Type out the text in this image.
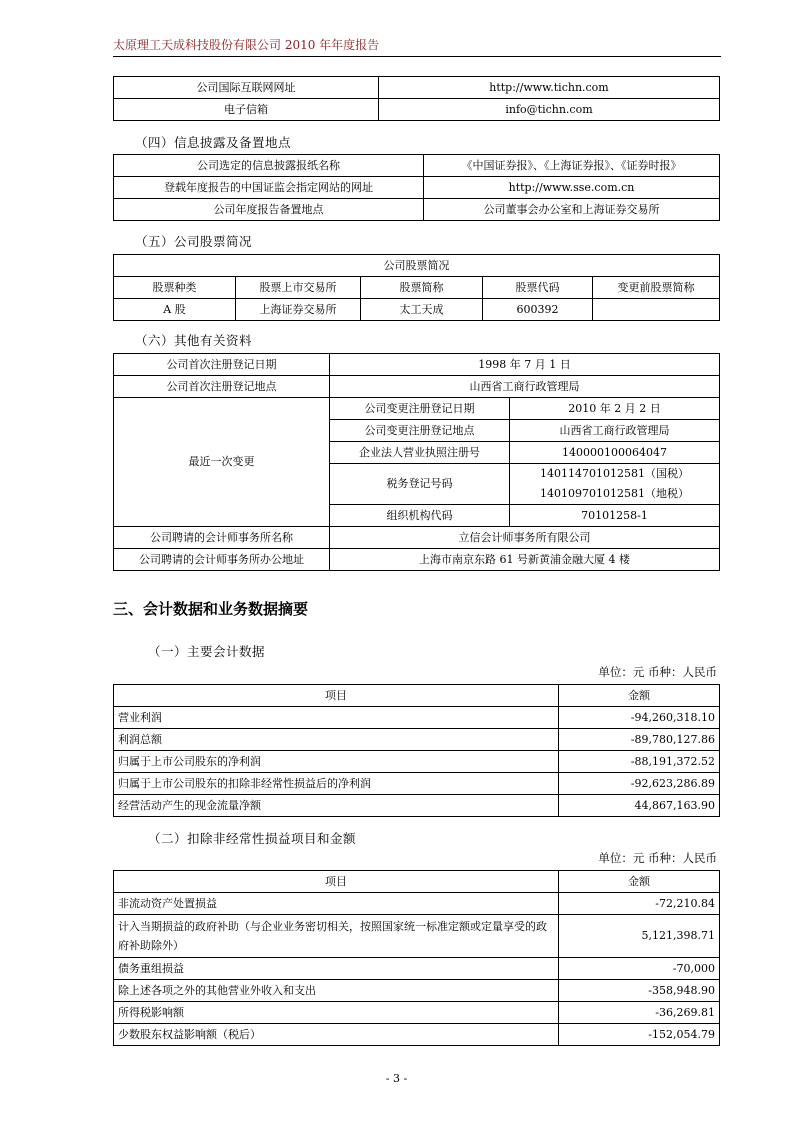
太原理工天成科技股份有限公司 2010 年年度报告
公司国际互联网网址	http://www.tichn.com
电子信箱	info@tichn.com
（四）信息披露及备置地点
公司选定的信息披露报纸名称	《中国证券报》、《上海证券报》、《证券时报》
登载年度报告的中国证监会指定网站的网址	http://www.sse.com.cn
公司年度报告备置地点	公司董事会办公室和上海证券交易所
（五）公司股票简况
公司股票简况				
股票种类	股票上市交易所	股票简称	股票代码	变更前股票简称
A 股	上海证券交易所	太工天成	600392	
（六）其他有关资料
公司首次注册登记日期	1998 年 7 月 1 日	
公司首次注册登记地点	山西省工商行政管理局	
最近一次变更	公司变更注册登记日期	2010 年 2 月 2 日
	公司变更注册登记地点	山西省工商行政管理局
	企业法人营业执照注册号	140000100064047
	税务登记号码	140114701012581（国税）
		140109701012581（地税）
	组织机构代码	70101258-1
公司聘请的会计师事务所名称	立信会计师事务所有限公司	
公司聘请的会计师事务所办公地址	上海市南京东路 61 号新黄浦金融大厦 4 楼	
三、会计数据和业务数据摘要
（一）主要会计数据
单位：元 币种：人民币
项目	金额
营业利润	-94,260,318.10
利润总额	-89,780,127.86
归属于上市公司股东的净利润	-88,191,372.52
归属于上市公司股东的扣除非经常性损益后的净利润	-92,623,286.89
经营活动产生的现金流量净额	44,867,163.90
（二）扣除非经常性损益项目和金额
单位：元 币种：人民币
项目	金额
非流动资产处置损益	-72,210.84
计入当期损益的政府补助（与企业业务密切相关，按照国家统一标准定额或定量享受的政府补助除外）	5,121,398.71
债务重组损益	-70,000
除上述各项之外的其他营业外收入和支出	-358,948.90
所得税影响额	-36,269.81
少数股东权益影响额（税后）	-152,054.79
- 3 -
